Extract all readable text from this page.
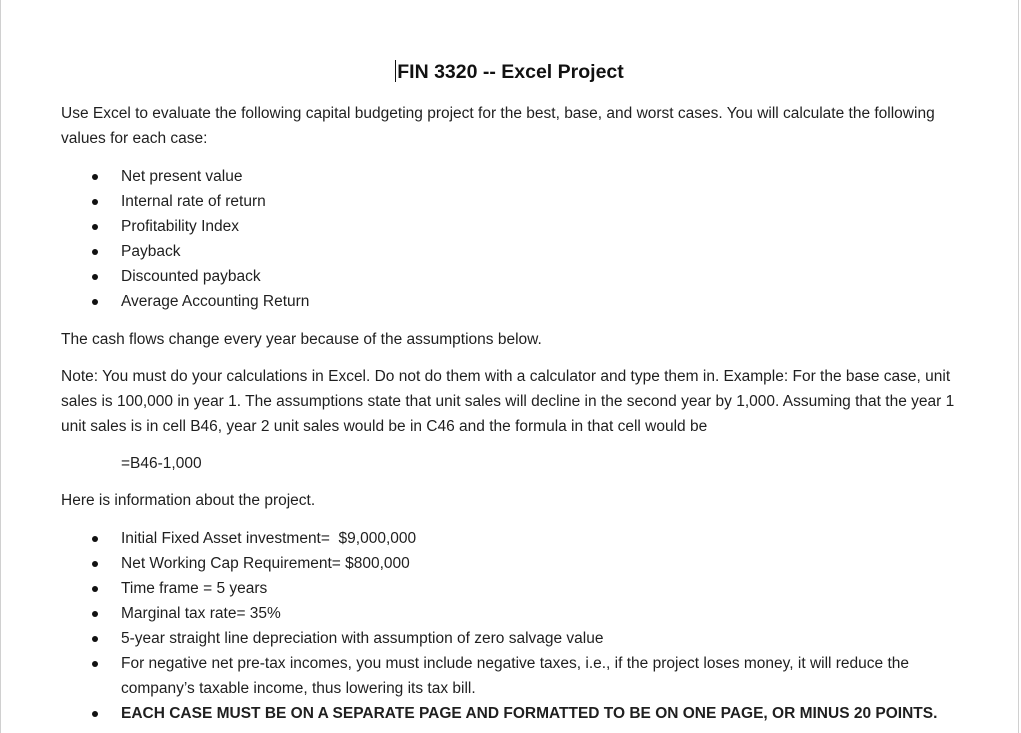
FIN 3320 -- Excel Project

Use Excel to evaluate the following capital budgeting project for the best, base, and worst cases. You will calculate the following values for each case:

Net present value
Internal rate of return
Profitability Index
Payback
Discounted payback
Average Accounting Return

The cash flows change every year because of the assumptions below.

Note: You must do your calculations in Excel. Do not do them with a calculator and type them in. Example: For the base case, unit sales is 100,000 in year 1. The assumptions state that unit sales will decline in the second year by 1,000. Assuming that the year 1 unit sales is in cell B46, year 2 unit sales would be in C46 and the formula in that cell would be

=B46-1,000

Here is information about the project.

Initial Fixed Asset investment=  $9,000,000
Net Working Cap Requirement= $800,000
Time frame = 5 years
Marginal tax rate= 35%
5-year straight line depreciation with assumption of zero salvage value
For negative net pre-tax incomes, you must include negative taxes, i.e., if the project loses money, it will reduce the company’s taxable income, thus lowering its tax bill.
EACH CASE MUST BE ON A SEPARATE PAGE AND FORMATTED TO BE ON ONE PAGE, OR MINUS 20 POINTS.
